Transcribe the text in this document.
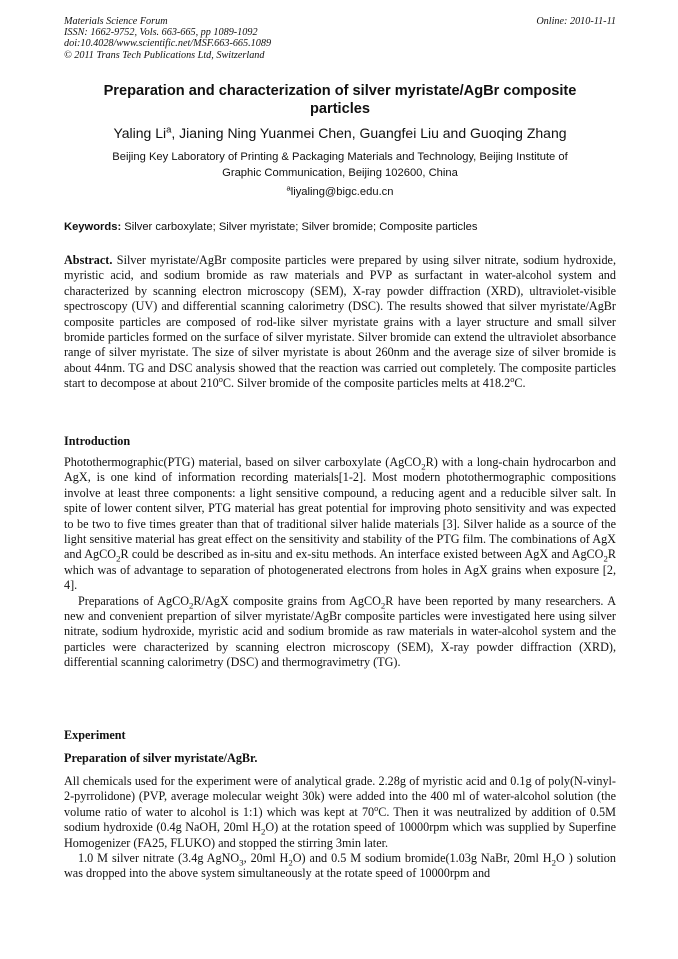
Materials Science Forum
ISSN: 1662-9752, Vols. 663-665, pp 1089-1092
doi:10.4028/www.scientific.net/MSF.663-665.1089
© 2011 Trans Tech Publications Ltd, Switzerland
Online: 2010-11-11
Preparation and characterization of silver myristate/AgBr composite
particles
Yaling Li$^a$, Jianing Ning Yuanmei Chen, Guangfei Liu and Guoqing Zhang
Beijing Key Laboratory of Printing & Packaging Materials and Technology, Beijing Institute of
Graphic Communication, Beijing 102600, China
$^a$liyaling@bigc.edu.cn
Keywords: Silver carboxylate; Silver myristate; Silver bromide; Composite particles
Abstract. Silver myristate/AgBr composite particles were prepared by using silver nitrate, sodium hydroxide, myristic acid, and sodium bromide as raw materials and PVP as surfactant in water-alcohol system and characterized by scanning electron microscopy (SEM), X-ray powder diffraction (XRD), ultraviolet-visible spectroscopy (UV) and differential scanning calorimetry (DSC). The results showed that silver myristate/AgBr composite particles are composed of rod-like silver myristate grains with a layer structure and small silver bromide particles formed on the surface of silver myristate. Silver bromide can extend the ultraviolet absorbance range of silver myristate. The size of silver myristate is about 260nm and the average size of silver bromide is about 44nm. TG and DSC analysis showed that the reaction was carried out completely. The composite particles start to decompose at about 210$^o$C. Silver bromide of the composite particles melts at 418.2$^o$C.
Introduction

Photothermographic(PTG) material, based on silver carboxylate (AgCO$_2$R) with a long-chain hydrocarbon and AgX, is one kind of information recording materials[1-2]. Most modern photothermographic compositions involve at least three components: a light sensitive compound, a reducing agent and a reducible silver salt. In spite of lower content silver, PTG material has great potential for improving photo sensitivity and was expected to be two to five times greater than that of traditional silver halide materials [3]. Silver halide as a source of the light sensitive material has great effect on the sensitivity and stability of the PTG film. The combinations of AgX and AgCO$_2$R could be described as in-situ and ex-situ methods. An interface existed between AgX and AgCO$_2$R which was of advantage to separation of photogenerated electrons from holes in AgX grains when exposure [2, 4].

Preparations of AgCO$_2$R/AgX composite grains from AgCO$_2$R have been reported by many researchers. A new and convenient prepartion of silver myristate/AgBr composite particles were investigated here using silver nitrate, sodium hydroxide, myristic acid and sodium bromide as raw materials in water-alcohol system and the particles were characterized by scanning electron microscopy (SEM), X-ray powder diffraction (XRD), differential scanning calorimetry (DSC) and thermogravimetry (TG).

Experiment
Preparation of silver myristate/AgBr.

All chemicals used for the experiment were of analytical grade. 2.28g of myristic acid and 0.1g of poly(N-vinyl-2-pyrrolidone) (PVP, average molecular weight 30k) were added into the 400 ml of water-alcohol solution (the volume ratio of water to alcohol is 1:1) which was kept at 70$^o$C. Then it was neutralized by addition of 0.5M sodium hydroxide (0.4g NaOH, 20ml $H_2O$) at the rotation speed of 10000rpm which was supplied by Superfine Homogenizer (FA25, FLUKO) and stopped the stirring 3min later.

1.0 M silver nitrate (3.4g AgNO$_3$, 20ml $H_2O$) and 0.5 M sodium bromide(1.03g NaBr, 20ml $H_2O$ ) solution was dropped into the above system simultaneously at the rotate speed of 10000rpm and
